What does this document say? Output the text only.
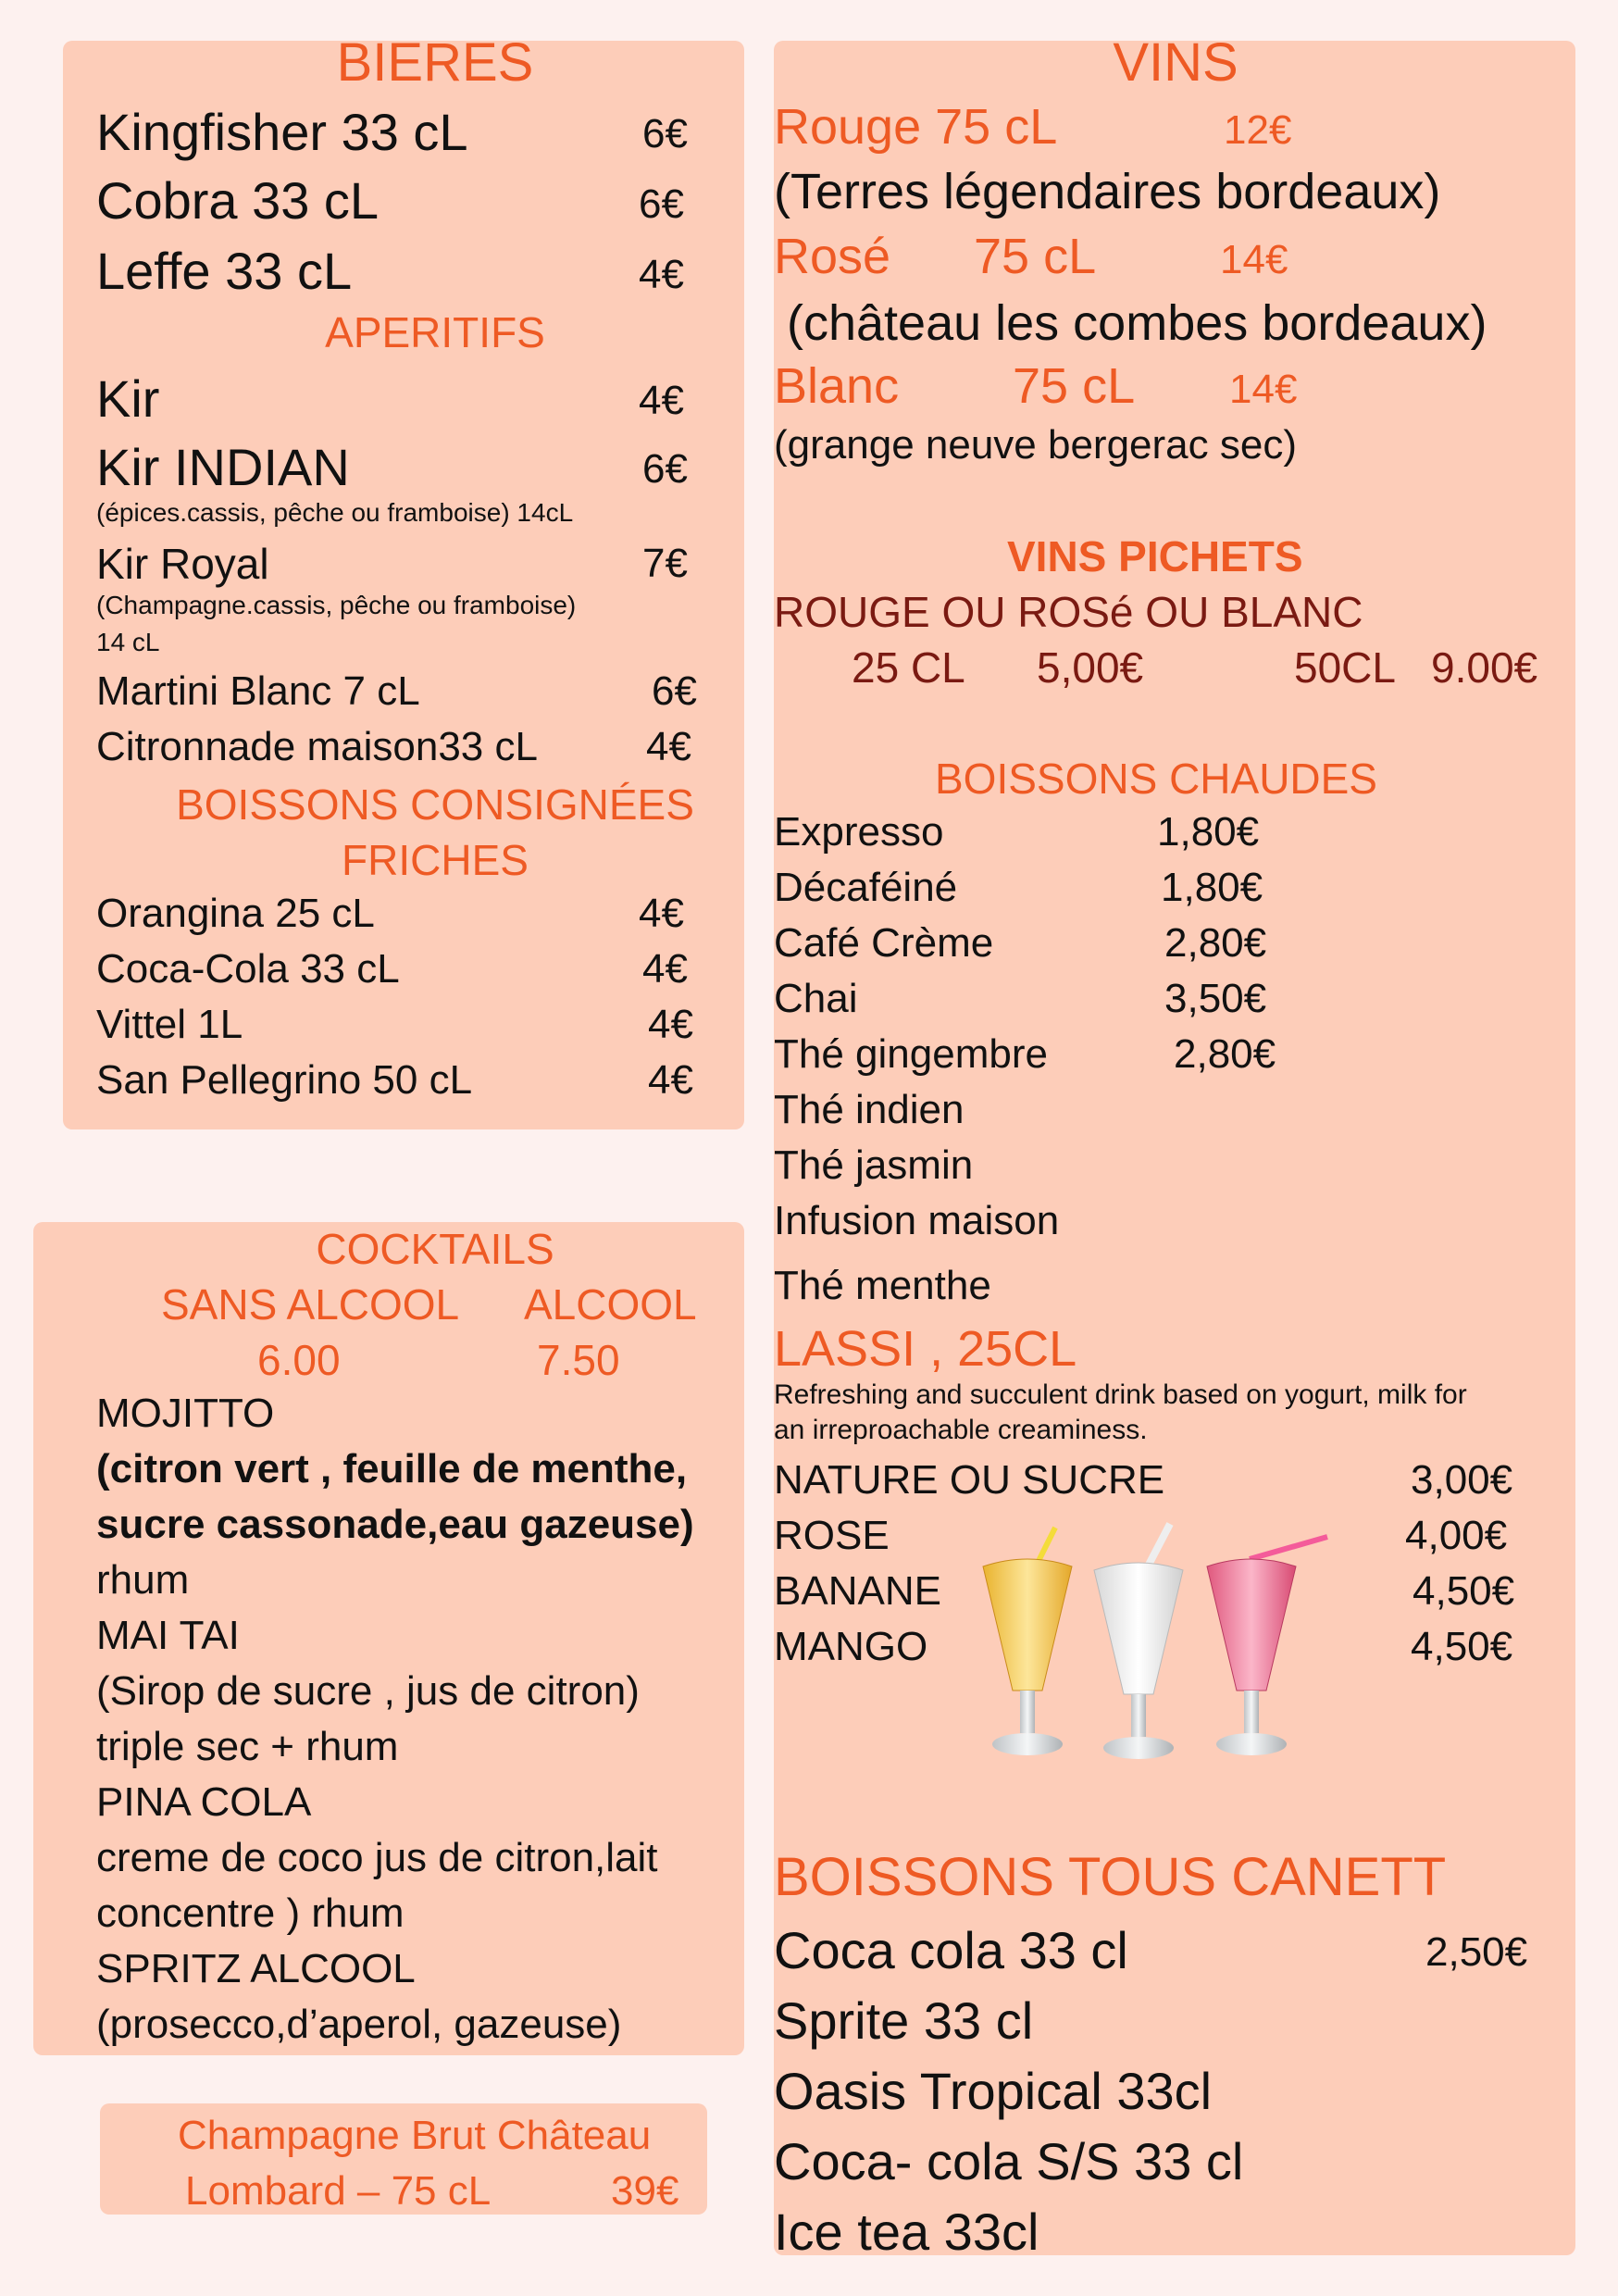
BIERES
Kingfisher 33 cL	6€
Cobra 33 cL	6€
Leffe 33 cL	4€
APERITIFS
Kir	4€
Kir INDIAN	6€
(épices.cassis, pêche ou framboise) 14cL
Kir Royal	7€
(Champagne.cassis, pêche ou framboise)
14 cL
Martini Blanc 7 cL	6€
Citronnade maison33 cL	4€
BOISSONS CONSIGNÉES
FRICHES
Orangina 25 cL	4€
Coca-Cola 33 cL	4€
Vittel 1L	4€
San Pellegrino 50 cL	4€
COCKTAILS
SANS ALCOOL ALCOOL
6.00	7.50
MOJITTO
(citron vert , feuille de menthe,
sucre cassonade,eau gazeuse)
rhum
MAI TAI
(Sirop de sucre , jus de citron)
triple sec + rhum
PINA COLA
creme de coco jus de citron,lait
concentre ) rhum
SPRITZ ALCOOL
(prosecco,d’aperol, gazeuse)
Champagne Brut Château
Lombard – 75 cL	39€
VINS
Rouge 75 cL	12€
(Terres légendaires bordeaux)
Rosé 75 cL	14€
(château les combes bordeaux)
Blanc 75 cL 14€
(grange neuve bergerac sec)
VINS PICHETS
ROUGE OU ROSé OU BLANC
25 CL 5,00€	50CL 9.00€
BOISSONS CHAUDES
Expresso	1,80€
Décaféiné	1,80€
Café Crème	2,80€
Chai	3,50€
Thé gingembre	2,80€
Thé indien
Thé jasmin
Infusion maison
Thé menthe
LASSI , 25CL
Refreshing and succulent drink based on yogurt, milk for
an irreproachable creaminess.
NATURE OU SUCRE	3,00€
ROSE	4,00€
BANANE	4,50€
MANGO	4,50€
BOISSONS TOUS CANETT
Coca cola 33 cl	2,50€
Sprite 33 cl
Oasis Tropical 33cl
Coca- cola S/S 33 cl
Ice tea 33cl
